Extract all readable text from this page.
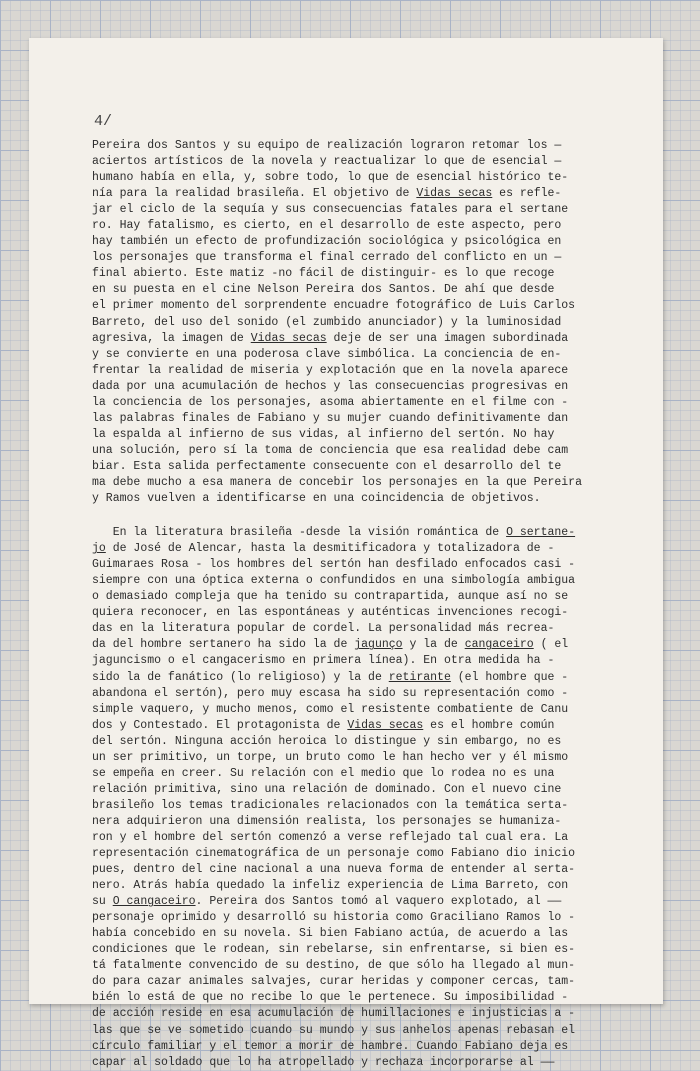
4/
Pereira dos Santos y su equipo de realización lograron retomar los —
aciertos artísticos de la novela y reactualizar lo que de esencial —
humano había en ella, y, sobre todo, lo que de esencial histórico te-
nía para la realidad brasileña. El objetivo de Vidas secas es refle-
jar el ciclo de la sequía y sus consecuencias fatales para el sertane
ro. Hay fatalismo, es cierto, en el desarrollo de este aspecto, pero
hay también un efecto de profundización sociológica y psicológica en
los personajes que transforma el final cerrado del conflicto en un —
final abierto. Este matiz -no fácil de distinguir- es lo que recoge
en su puesta en el cine Nelson Pereira dos Santos. De ahí que desde
el primer momento del sorprendente encuadre fotográfico de Luis Carlos
Barreto, del uso del sonido (el zumbido anunciador) y la luminosidad
agresiva, la imagen de Vidas secas deje de ser una imagen subordinada
y se convierte en una poderosa clave simbólica. La conciencia de en-
frentar la realidad de miseria y explotación que en la novela aparece
dada por una acumulación de hechos y las consecuencias progresivas en
la conciencia de los personajes, asoma abiertamente en el filme con -
las palabras finales de Fabiano y su mujer cuando definitivamente dan
la espalda al infierno de sus vidas, al infierno del sertón. No hay
una solución, pero sí la toma de conciencia que esa realidad debe cam
biar. Esta salida perfectamente consecuente con el desarrollo del te
ma debe mucho a esa manera de concebir los personajes en la que Pereira
y Ramos vuelven a identificarse en una coincidencia de objetivos.
En la literatura brasileña -desde la visión romántica de O sertane-
jo de José de Alencar, hasta la desmitificadora y totalizadora de -
Guimaraes Rosa - los hombres del sertón han desfilado enfocados casi -
siempre con una óptica externa o confundidos en una simbología ambigua
o demasiado compleja que ha tenido su contrapartida, aunque así no se
quiera reconocer, en las espontáneas y auténticas invenciones recogi-
das en la literatura popular de cordel. La personalidad más recrea-
da del hombre sertanero ha sido la de jagunço y la de cangaceiro ( el
jaguncismo o el cangacerismo en primera línea). En otra medida ha -
sido la de fanático (lo religioso) y la de retirante (el hombre que -
abandona el sertón), pero muy escasa ha sido su representación como -
simple vaquero, y mucho menos, como el resistente combatiente de Canu
dos y Contestado. El protagonista de Vidas secas es el hombre común
del sertón. Ninguna acción heroica lo distingue y sin embargo, no es
un ser primitivo, un torpe, un bruto como le han hecho ver y él mismo
se empeña en creer. Su relación con el medio que lo rodea no es una
relación primitiva, sino una relación de dominado. Con el nuevo cine
brasileño los temas tradicionales relacionados con la temática serta-
nera adquirieron una dimensión realista, los personajes se humaniza-
ron y el hombre del sertón comenzó a verse reflejado tal cual era. La
representación cinematográfica de un personaje como Fabiano dio inicio
pues, dentro del cine nacional a una nueva forma de entender al serta-
nero. Atrás había quedado la infeliz experiencia de Lima Barreto, con
su O cangaceiro. Pereira dos Santos tomó al vaquero explotado, al ——
personaje oprimido y desarrolló su historia como Graciliano Ramos lo -
había concebido en su novela. Si bien Fabiano actúa, de acuerdo a las
condiciones que le rodean, sin rebelarse, sin enfrentarse, si bien es-
tá fatalmente convencido de su destino, de que sólo ha llegado al mun-
do para cazar animales salvajes, curar heridas y componer cercas, tam-
bién lo está de que no recibe lo que le pertenece. Su imposibilidad -
de acción reside en esa acumulación de humillaciones e injusticias a -
las que se ve sometido cuando su mundo y sus anhelos apenas rebasan el
círculo familiar y el temor a morir de hambre. Cuando Fabiano deja es
capar al soldado que lo ha atropellado y rechaza incorporarse al ——
